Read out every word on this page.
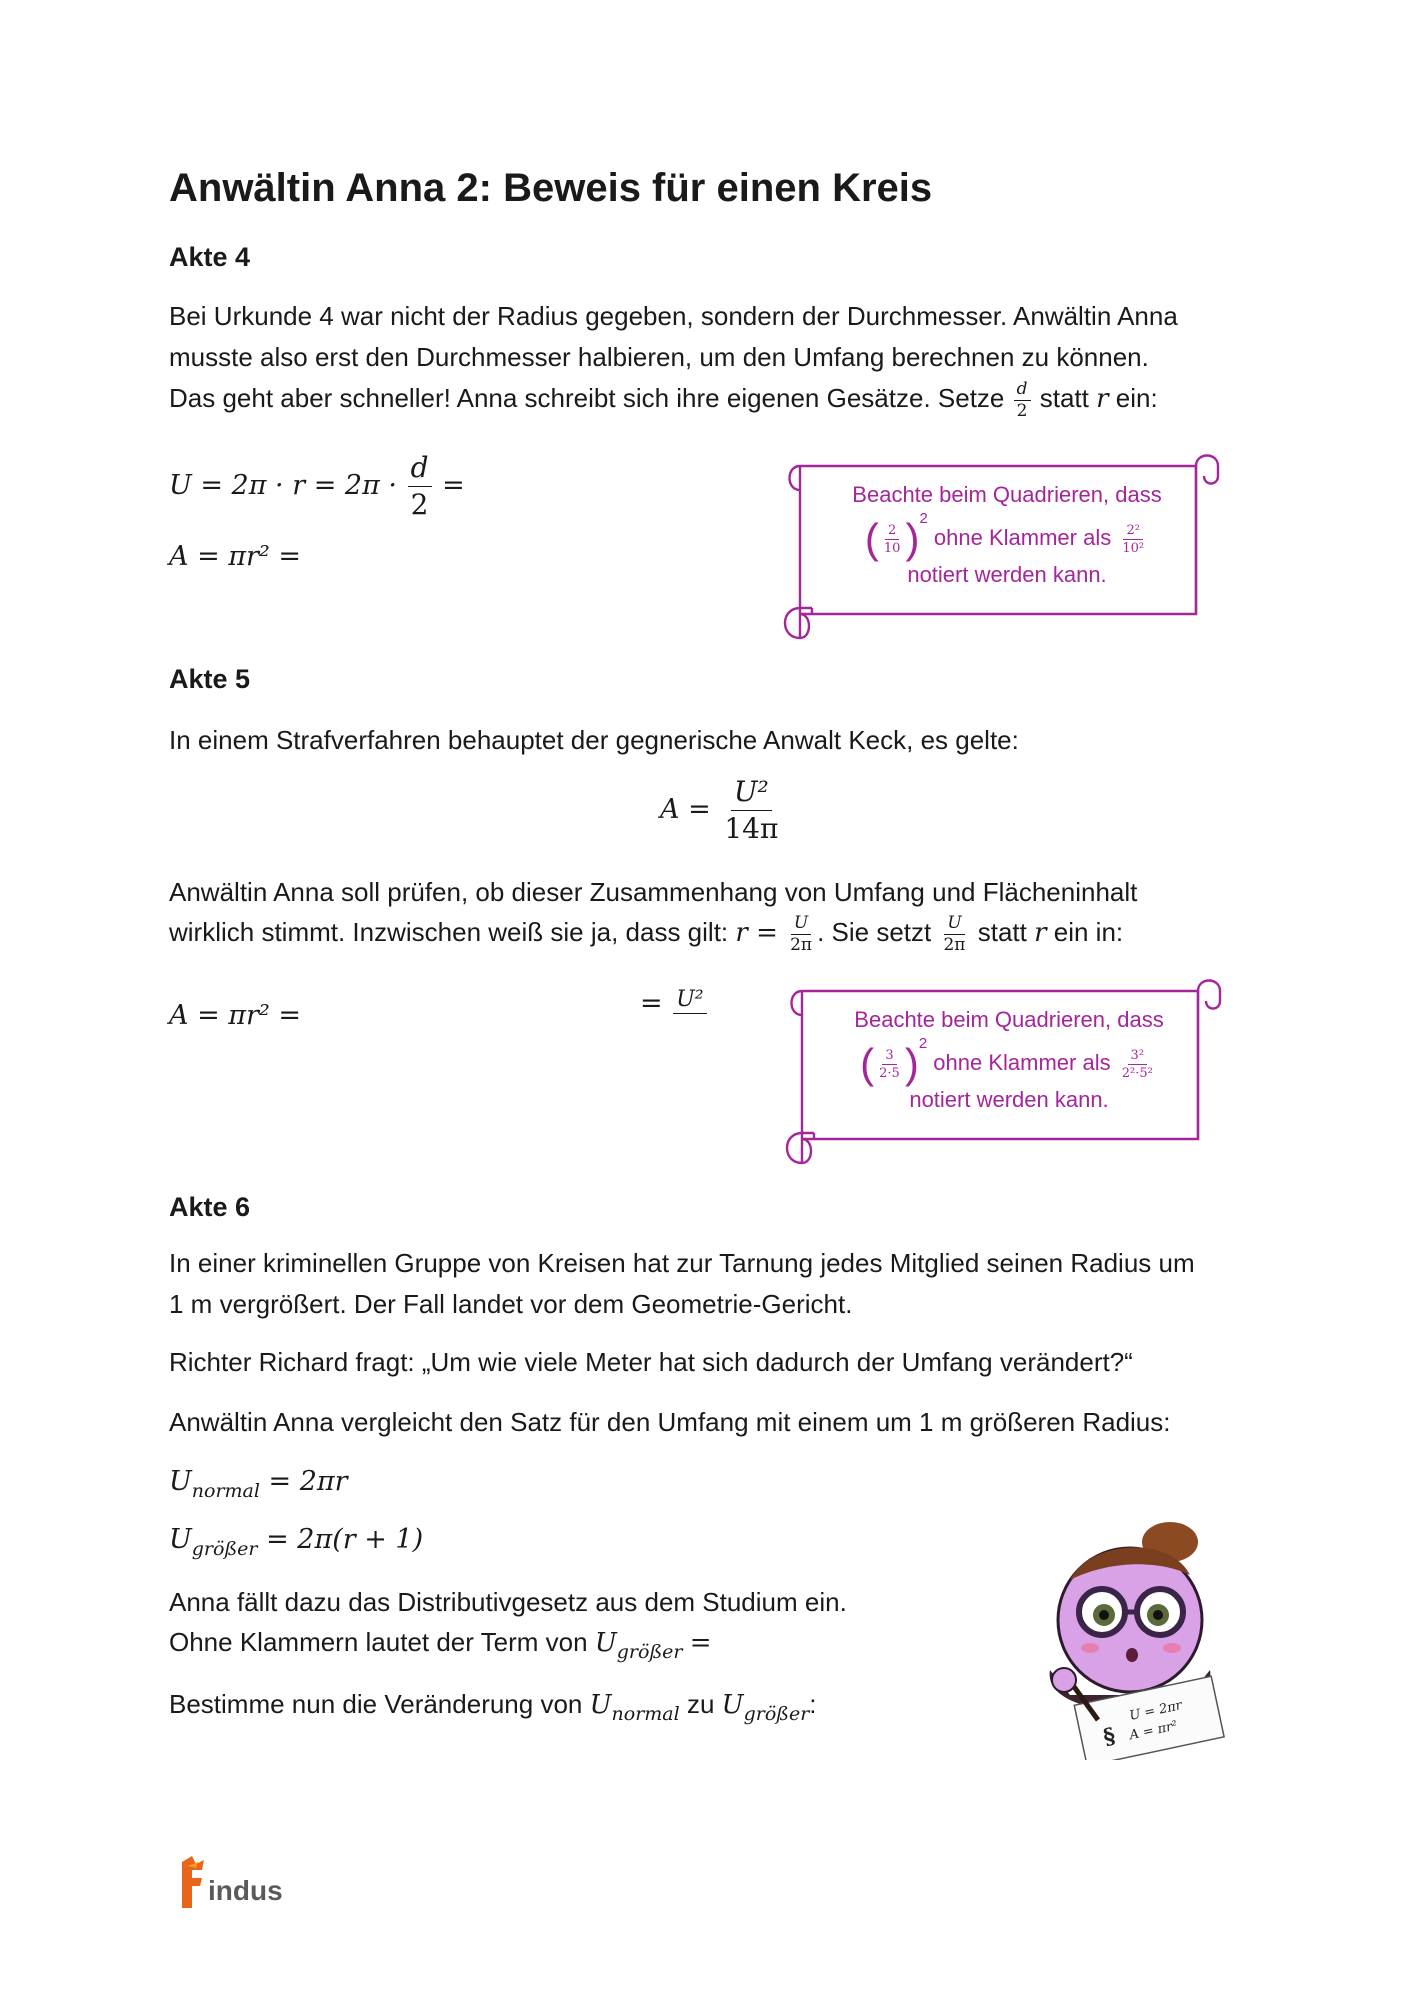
Anwältin Anna 2: Beweis für einen Kreis
Akte 4
Bei Urkunde 4 war nicht der Radius gegeben, sondern der Durchmesser. Anwältin Anna
musste also erst den Durchmesser halbieren, um den Umfang berechnen zu können.
Das geht aber schneller! Anna schreibt sich ihre eigenen Gesätze. Setze $\frac{d}{2}$ statt r ein:
$U = 2\pi \cdot r = 2\pi \cdot \frac{d}{2}$ =
A = πr² =
Beachte beim Quadrieren, dass
( $\frac{2}{10} )^2$ ohne Klammer als $\frac{\text{2²}}{\text{10²}}$
notiert werden kann.
Akte 5
In einem Strafverfahren behauptet der gegnerische Anwalt Keck, es gelte:
$A = \frac{\text{U²}}{14\pi}$
Anwältin Anna soll prüfen, ob dieser Zusammenhang von Umfang und Flächeninhalt
wirklich stimmt. Inzwischen weiß sie ja, dass gilt: $r = \frac{U}{2\pi}$ . Sie setzt $\frac{U}{2\pi}$ statt r ein in:
A = πr² =	= U²

Beachte beim Quadrieren, dass
( $\frac{3}{2\cdot 5} )^2$ ohne Klammer als $\frac{\text{3²}}{\text{2²·5²}}$
notiert werden kann.
Akte 6
In einer kriminellen Gruppe von Kreisen hat zur Tarnung jedes Mitglied seinen Radius um
1 m vergrößert. Der Fall landet vor dem Geometrie-Gericht.
Richter Richard fragt: „Um wie viele Meter hat sich dadurch der Umfang verändert?“
Anwältin Anna vergleicht den Satz für den Umfang mit einem um 1 m größeren Radius:
$U_{normal} = 2\pi r$
$U_{größer} = 2\pi(r + 1)$
Anna fällt dazu das Distributivgesetz aus dem Studium ein.
Ohne Klammern lautet der Term von $U_{größer}$ =
Bestimme nun die Veränderung von $U_{normal}$ zu $U_{größer}$:
§
U = 2πr
A = πr²
indus
